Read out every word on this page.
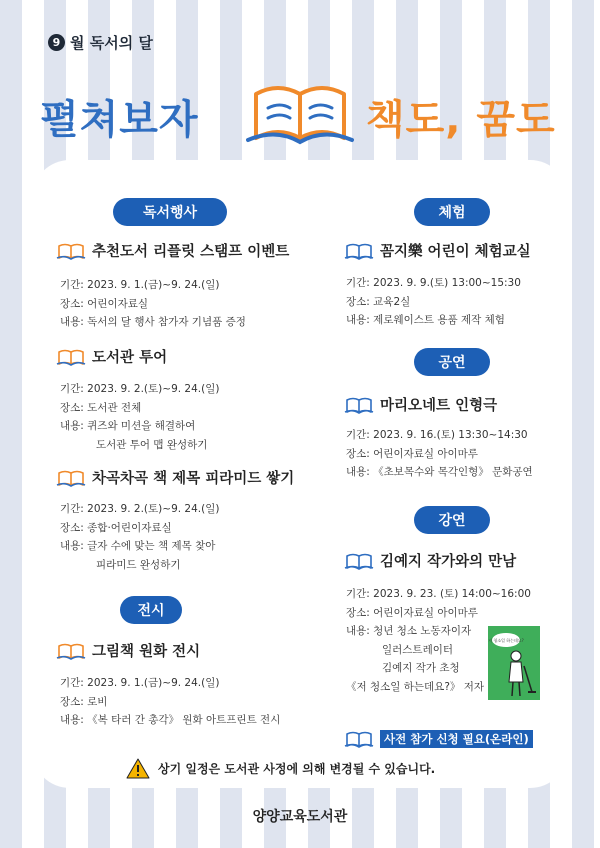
9 월 독서의 달
펼쳐보자	책도, 꿈도
독서행사
추천도서 리플릿 스탬프 이벤트
기간: 2023. 9. 1.(금)~9. 24.(일)
장소: 어린이자료실
내용: 독서의 달 행사 참가자 기념품 증정
도서관 투어
기간: 2023. 9. 2.(토)~9. 24.(일)
장소: 도서관 전체
내용: 퀴즈와 미션을 해결하여
도서관 투어 맵 완성하기
차곡차곡 책 제목 피라미드 쌓기
기간: 2023. 9. 2.(토)~9. 24.(일)
장소: 종합·어린이자료실
내용: 글자 수에 맞는 책 제목 찾아
피라미드 완성하기
전시
그림책 원화 전시
기간: 2023. 9. 1.(금)~9. 24.(일)
장소: 로비
내용: 《복 타러 간 총각》 원화 아트프린트 전시
체험
꼼지樂 어린이 체험교실
기간: 2023. 9. 9.(토) 13:00~15:30
장소: 교육2실
내용: 제로웨이스트 용품 제작 체험
공연
마리오네트 인형극
기간: 2023. 9. 16.(토) 13:30~14:30
장소: 어린이자료실 아이마루
내용: 《초보목수와 목각인형》 문화공연
강연
김예지 작가와의 만남
기간: 2023. 9. 23. (토) 14:00~16:00
장소: 어린이자료실 아이마루
내용: 청년 청소 노동자이자
일러스트레이터
김예지 작가 초청
《저 청소일 하는데요?》 저자
저 청소일 하는데요?
사전 참가 신청 필요(온라인)
상기 일정은 도서관 사정에 의해 변경될 수 있습니다.
양양교육도서관
